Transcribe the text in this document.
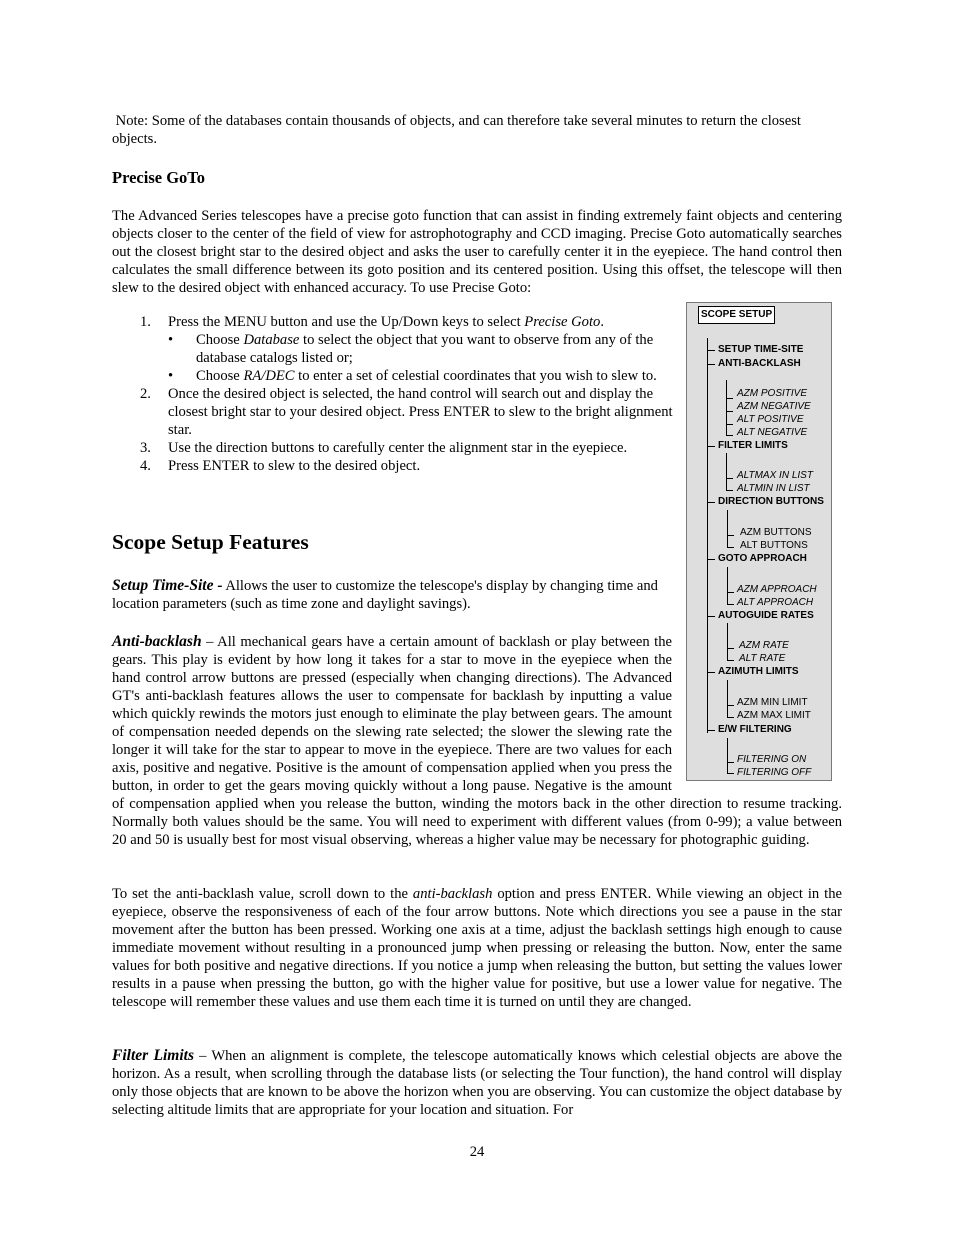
Note: Some of the databases contain thousands of objects, and can therefore take several minutes to return the closest objects.

Precise GoTo

The Advanced Series telescopes have a precise goto function that can assist in finding extremely faint objects and centering objects closer to the center of the field of view for astrophotography and CCD imaging. Precise Goto automatically searches out the closest bright star to the desired object and asks the user to carefully center it in the eyepiece. The hand control then calculates the small difference between its goto position and its centered position. Using this offset, the telescope will then slew to the desired object with enhanced accuracy. To use Precise Goto:

1. Press the MENU button and use the Up/Down keys to select Precise Goto.
• Choose Database to select the object that you want to observe from any of the database catalogs listed or;
• Choose RA/DEC to enter a set of celestial coordinates that you wish to slew to.
2. Once the desired object is selected, the hand control will search out and display the closest bright star to your desired object. Press ENTER to slew to the bright alignment star.
3. Use the direction buttons to carefully center the alignment star in the eyepiece.
4. Press ENTER to slew to the desired object.
Scope Setup Features

Setup Time-Site - Allows the user to customize the telescope's display by changing time and location parameters (such as time zone and daylight savings).

Anti-backlash – All mechanical gears have a certain amount of backlash or play between the gears. This play is evident by how long it takes for a star to move in the eyepiece when the hand control arrow buttons are pressed (especially when changing directions). The Advanced GT's anti-backlash features allows the user to compensate for backlash by inputting a value which quickly rewinds the motors just enough to eliminate the play between gears. The amount of compensation needed depends on the slewing rate selected; the slower the slewing rate the longer it will take for the star to appear to move in the eyepiece. There are two values for each axis, positive and negative. Positive is the amount of compensation applied when you press the button, in order to get the gears moving quickly without a long pause. Negative is the amount of compensation applied when you release the button, winding the motors back in the other direction to resume tracking. Normally both values should be the same. You will need to experiment with different values (from 0-99); a value between 20 and 50 is usually best for most visual observing, whereas a higher value may be necessary for photographic guiding.

To set the anti-backlash value, scroll down to the anti-backlash option and press ENTER. While viewing an object in the eyepiece, observe the responsiveness of each of the four arrow buttons. Note which directions you see a pause in the star movement after the button has been pressed. Working one axis at a time, adjust the backlash settings high enough to cause immediate movement without resulting in a pronounced jump when pressing or releasing the button. Now, enter the same values for both positive and negative directions. If you notice a jump when releasing the button, but setting the values lower results in a pause when pressing the button, go with the higher value for positive, but use a lower value for negative. The telescope will remember these values and use them each time it is turned on until they are changed.

Filter Limits – When an alignment is complete, the telescope automatically knows which celestial objects are above the horizon. As a result, when scrolling through the database lists (or selecting the Tour function), the hand control will display only those objects that are known to be above the horizon when you are observing. You can customize the object database by selecting altitude limits that are appropriate for your location and situation. For

SCOPE SETUP
SETUP TIME-SITE
ANTI-BACKLASH
AZM POSITIVE
AZM NEGATIVE
ALT POSITIVE
ALT NEGATIVE
FILTER LIMITS
ALTMAX IN LIST
ALTMIN IN LIST
DIRECTION BUTTONS
AZM BUTTONS
ALT BUTTONS
GOTO APPROACH
AZM APPROACH
ALT APPROACH
AUTOGUIDE RATES
AZM RATE
ALT RATE
AZIMUTH LIMITS
AZM MIN LIMIT
AZM MAX LIMIT
E/W FILTERING
FILTERING ON
FILTERING OFF
24
